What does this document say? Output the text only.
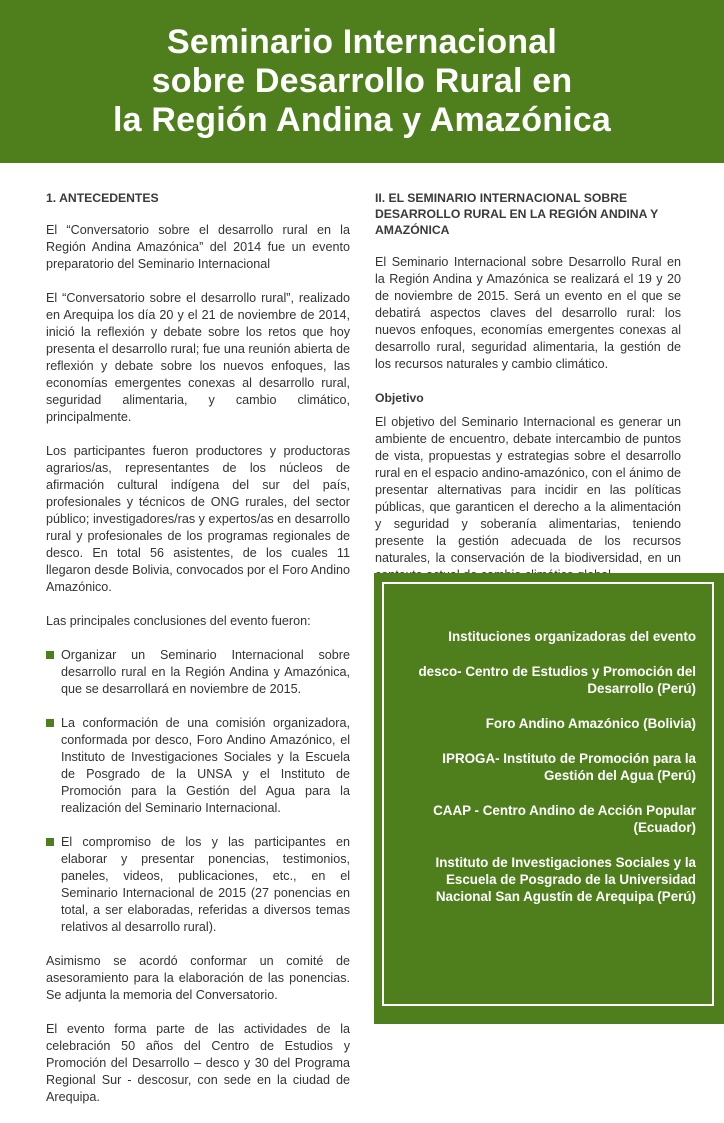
Seminario Internacional
sobre Desarrollo Rural en
la Región Andina y Amazónica
1. ANTECEDENTES

El “Conversatorio sobre el desarrollo rural en la Región Andina Amazónica” del 2014 fue un evento preparatorio del Seminario Internacional

El “Conversatorio sobre el desarrollo rural”, realizado en Arequipa los día 20 y el 21 de noviembre de 2014, inició la reflexión y debate sobre los retos que hoy presenta el desarrollo rural; fue una reunión abierta de reflexión y debate sobre los nuevos enfoques, las economías emergentes conexas al desarrollo rural, seguridad alimentaria, y cambio climático, principalmente.

Los participantes fueron productores y productoras agrarios/as, representantes de los núcleos de afirmación cultural indígena del sur del país, profesionales y técnicos de ONG rurales, del sector público; investigadores/ras y expertos/as en desarrollo rural y profesionales de los programas regionales de desco. En total 56 asistentes, de los cuales 11 llegaron desde Bolivia, convocados por el Foro Andino Amazónico.

Las principales conclusiones del evento fueron:

Organizar un Seminario Internacional sobre desarrollo rural en la Región Andina y Amazónica, que se desarrollará en noviembre de 2015.
La conformación de una comisión organizadora, conformada por desco, Foro Andino Amazónico, el Instituto de Investigaciones Sociales y la Escuela de Posgrado de la UNSA y el Instituto de Promoción para la Gestión del Agua para la realización del Seminario Internacional.
El compromiso de los y las participantes en elaborar y presentar ponencias, testimonios, paneles, videos, publicaciones, etc., en el Seminario Internacional de 2015 (27 ponencias en total, a ser elaboradas, referidas a diversos temas relativos al desarrollo rural).

Asimismo se acordó conformar un comité de asesoramiento para la elaboración de las ponencias. Se adjunta la memoria del Conversatorio.

El evento forma parte de las actividades de la celebración 50 años del Centro de Estudios y Promoción del Desarrollo – desco y 30 del Programa Regional Sur - descosur, con sede en la ciudad de Arequipa.

II. EL SEMINARIO INTERNACIONAL SOBRE DESARROLLO RURAL EN LA REGIÓN ANDINA Y AMAZÓNICA

El Seminario Internacional sobre Desarrollo Rural en la Región Andina y Amazónica se realizará el 19 y 20 de noviembre de 2015. Será un evento en el que se debatirá aspectos claves del desarrollo rural: los nuevos enfoques, economías emergentes conexas al desarrollo rural, seguridad alimentaria, la gestión de los recursos naturales y cambio climático.

Objetivo

El objetivo del Seminario Internacional es generar un ambiente de encuentro, debate intercambio de puntos de vista, propuestas y estrategias sobre el desarrollo rural en el espacio andino-amazónico, con el ánimo de presentar alternativas para incidir en las políticas públicas, que garanticen el derecho a la alimentación y seguridad y soberanía alimentarias, teniendo presente la gestión adecuada de los recursos naturales, la conservación de la biodiversidad, en un

Instituciones organizadoras del evento
desco- Centro de Estudios y Promoción del Desarrollo (Perú)
Foro Andino Amazónico (Bolivia)
IPROGA- Instituto de Promoción para la Gestión del Agua (Perú)
CAAP - Centro Andino de Acción Popular (Ecuador)
Instituto de Investigaciones Sociales y la Escuela de Posgrado de la Universidad Nacional San Agustín de Arequipa (Perú)
